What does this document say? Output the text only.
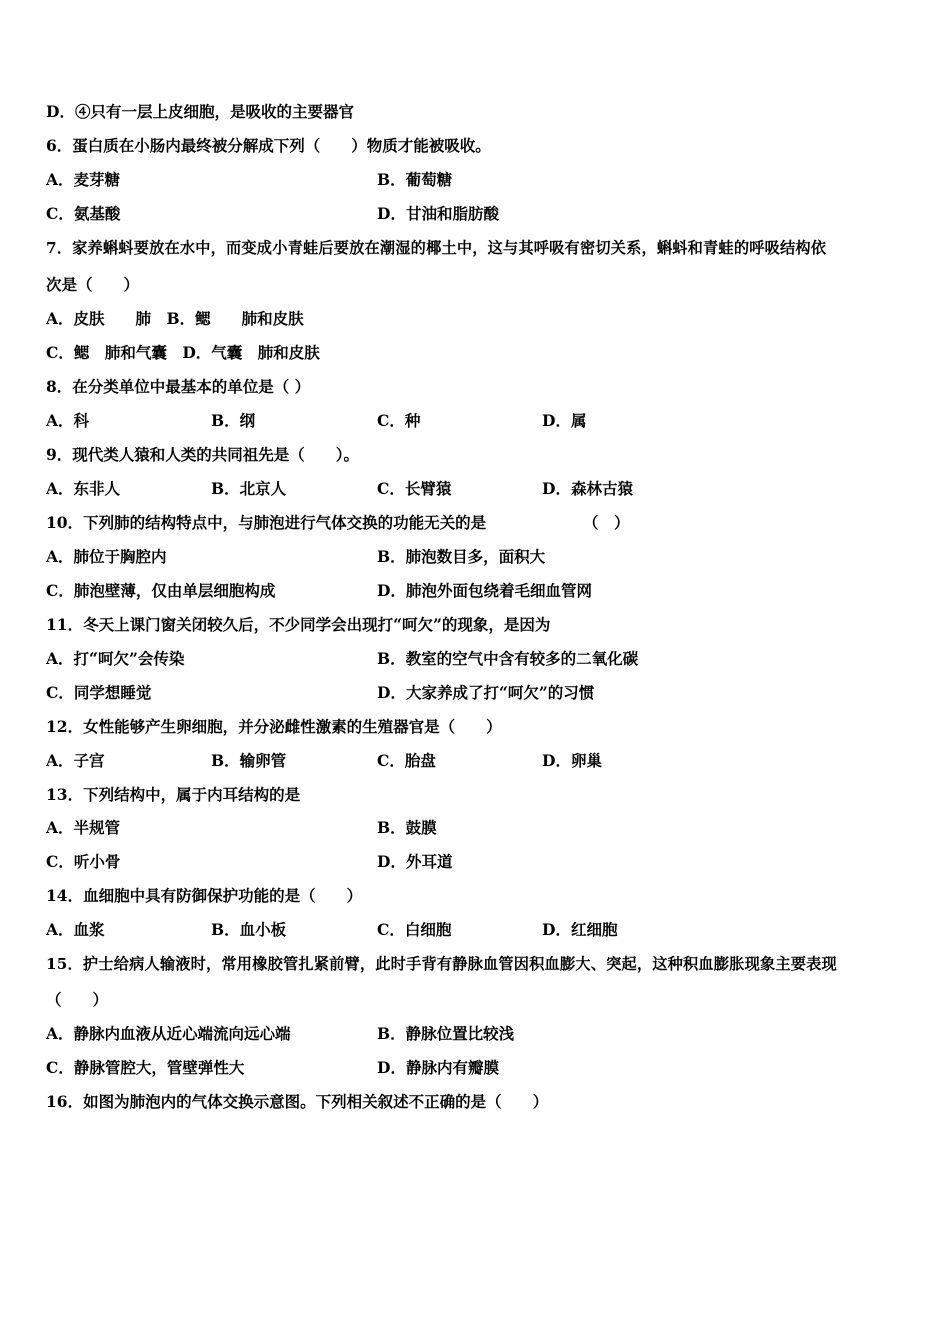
D．④只有一层上皮细胞，是吸收的主要器官
6．蛋白质在小肠内最终被分解成下列（　　）物质才能被吸收。
A．麦芽糖	B．葡萄糖
C．氨基酸	D．甘油和脂肪酸
7．家养蝌蚪要放在水中，而变成小青蛙后要放在潮湿的椰土中，这与其呼吸有密切关系，蝌蚪和青蛙的呼吸结构依
次是（　　）
A．皮肤　　肺　B．鳃　　肺和皮肤
C．鳃　肺和气囊　D．气囊　肺和皮肤
8．在分类单位中最基本的单位是（ ）
A．科	B．纲	C．种	D．属
9．现代类人猿和人类的共同祖先是（　　）。
A．东非人	B．北京人	C．长臂猿	D．森林古猿
10．下列肺的结构特点中，与肺泡进行气体交换的功能无关的是	（　）
A．肺位于胸腔内	B．肺泡数目多，面积大
C．肺泡壁薄，仅由单层细胞构成	D．肺泡外面包绕着毛细血管网
11．冬天上课门窗关闭较久后，不少同学会出现打“呵欠”的现象，是因为
A．打“呵欠”会传染	B．教室的空气中含有较多的二氧化碳
C．同学想睡觉	D．大家养成了打“呵欠”的习惯
12．女性能够产生卵细胞，并分泌雌性激素的生殖器官是（　　）
A．子宫	B．输卵管	C．胎盘	D．卵巢
13．下列结构中，属于内耳结构的是
A．半规管	B．鼓膜
C．听小骨	D．外耳道
14．血细胞中具有防御保护功能的是（　　）
A．血浆	B．血小板	C．白细胞	D．红细胞
15．护士给病人输液时，常用橡胶管扎紧前臂，此时手背有静脉血管因积血膨大、突起，这种积血膨胀现象主要表现
（　　）
A．静脉内血液从近心端流向远心端	B．静脉位置比较浅
C．静脉管腔大，管壁弹性大	D．静脉内有瓣膜
16．如图为肺泡内的气体交换示意图。下列相关叙述不正确的是（　　）
